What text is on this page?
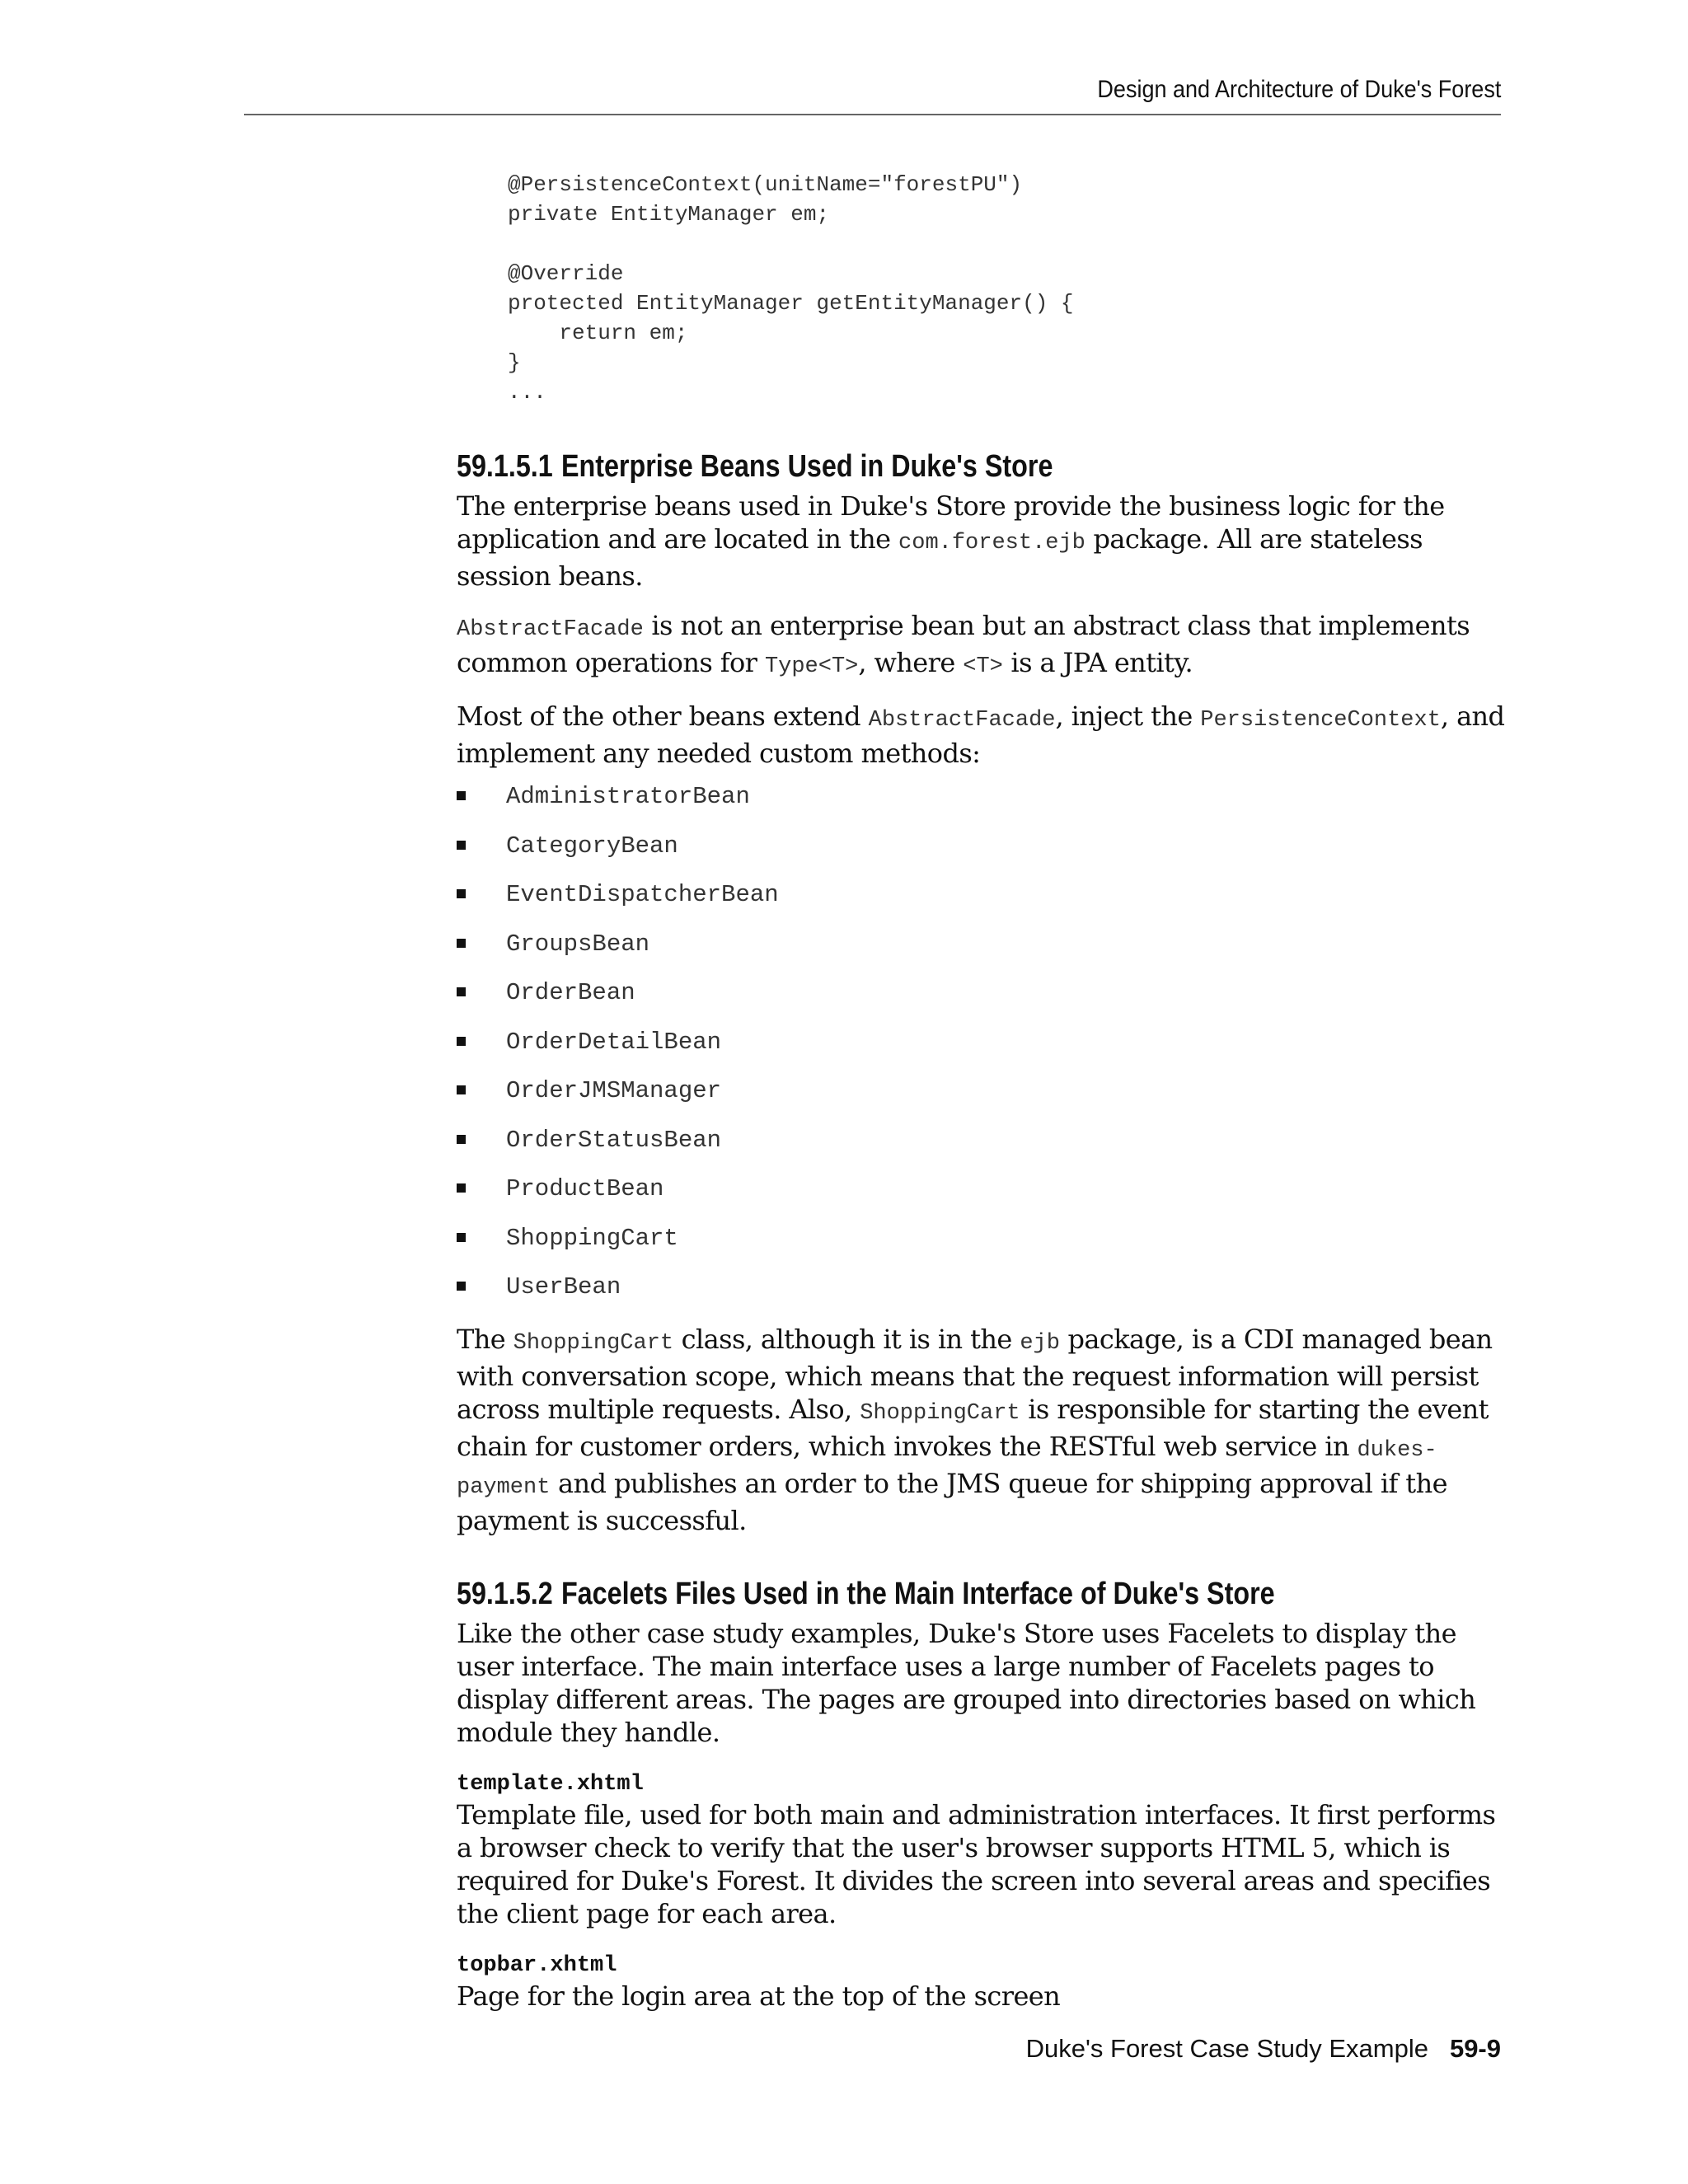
Design and Architecture of Duke's Forest
@PersistenceContext(unitName="forestPU")
private EntityManager em;

@Override
protected EntityManager getEntityManager() {
return em;
}
...
59.1.5.1 Enterprise Beans Used in Duke's Store

The enterprise beans used in Duke's Store provide the business logic for the application and are located in the com.forest.ejb package. All are stateless session beans.

AbstractFacade is not an enterprise bean but an abstract class that implements common operations for Type<T>, where <T> is a JPA entity.

Most of the other beans extend AbstractFacade, inject the PersistenceContext, and implement any needed custom methods:

AdministratorBean
CategoryBean
EventDispatcherBean
GroupsBean
OrderBean
OrderDetailBean
OrderJMSManager
OrderStatusBean
ProductBean
ShoppingCart
UserBean

The ShoppingCart class, although it is in the ejb package, is a CDI managed bean with conversation scope, which means that the request information will persist across multiple requests. Also, ShoppingCart is responsible for starting the event chain for customer orders, which invokes the RESTful web service in dukes-payment and publishes an order to the JMS queue for shipping approval if the payment is successful.

59.1.5.2 Facelets Files Used in the Main Interface of Duke's Store

Like the other case study examples, Duke's Store uses Facelets to display the user interface. The main interface uses a large number of Facelets pages to display different areas. The pages are grouped into directories based on which module they handle.

template.xhtml
Template file, used for both main and administration interfaces. It first performs a browser check to verify that the user's browser supports HTML 5, which is required for Duke's Forest. It divides the screen into several areas and specifies the client page for each area.
topbar.xhtml
Page for the login area at the top of the screen
Duke's Forest Case Study Example 59-9
